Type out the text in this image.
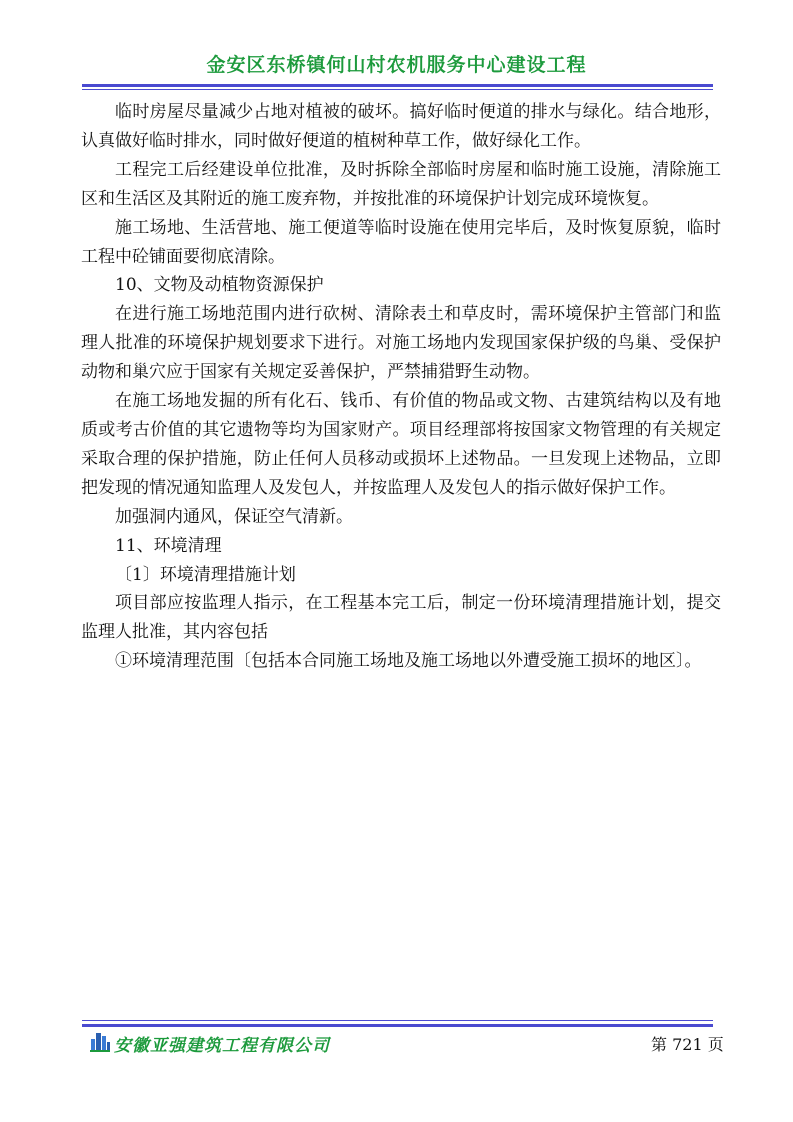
金安区东桥镇何山村农机服务中心建设工程

临时房屋尽量减少占地对植被的破坏。搞好临时便道的排水与绿化。结合地形，认真做好临时排水，同时做好便道的植树种草工作，做好绿化工作。

工程完工后经建设单位批准，及时拆除全部临时房屋和临时施工设施，清除施工区和生活区及其附近的施工废弃物，并按批准的环境保护计划完成环境恢复。

施工场地、生活营地、施工便道等临时设施在使用完毕后，及时恢复原貌，临时工程中砼铺面要彻底清除。

10、文物及动植物资源保护

在进行施工场地范围内进行砍树、清除表土和草皮时，需环境保护主管部门和监理人批准的环境保护规划要求下进行。对施工场地内发现国家保护级的鸟巢、受保护动物和巢穴应于国家有关规定妥善保护，严禁捕猎野生动物。

在施工场地发掘的所有化石、钱币、有价值的物品或文物、古建筑结构以及有地质或考古价值的其它遗物等均为国家财产。项目经理部将按国家文物管理的有关规定采取合理的保护措施，防止任何人员移动或损坏上述物品。一旦发现上述物品，立即把发现的情况通知监理人及发包人，并按监理人及发包人的指示做好保护工作。

加强洞内通风，保证空气清新。

11、环境清理

〔1〕环境清理措施计划

项目部应按监理人指示，在工程基本完工后，制定一份环境清理措施计划，提交监理人批准，其内容包括

①环境清理范围〔包括本合同施工场地及施工场地以外遭受施工损坏的地区〕。

安徽亚强建筑工程有限公司	第 721 页
